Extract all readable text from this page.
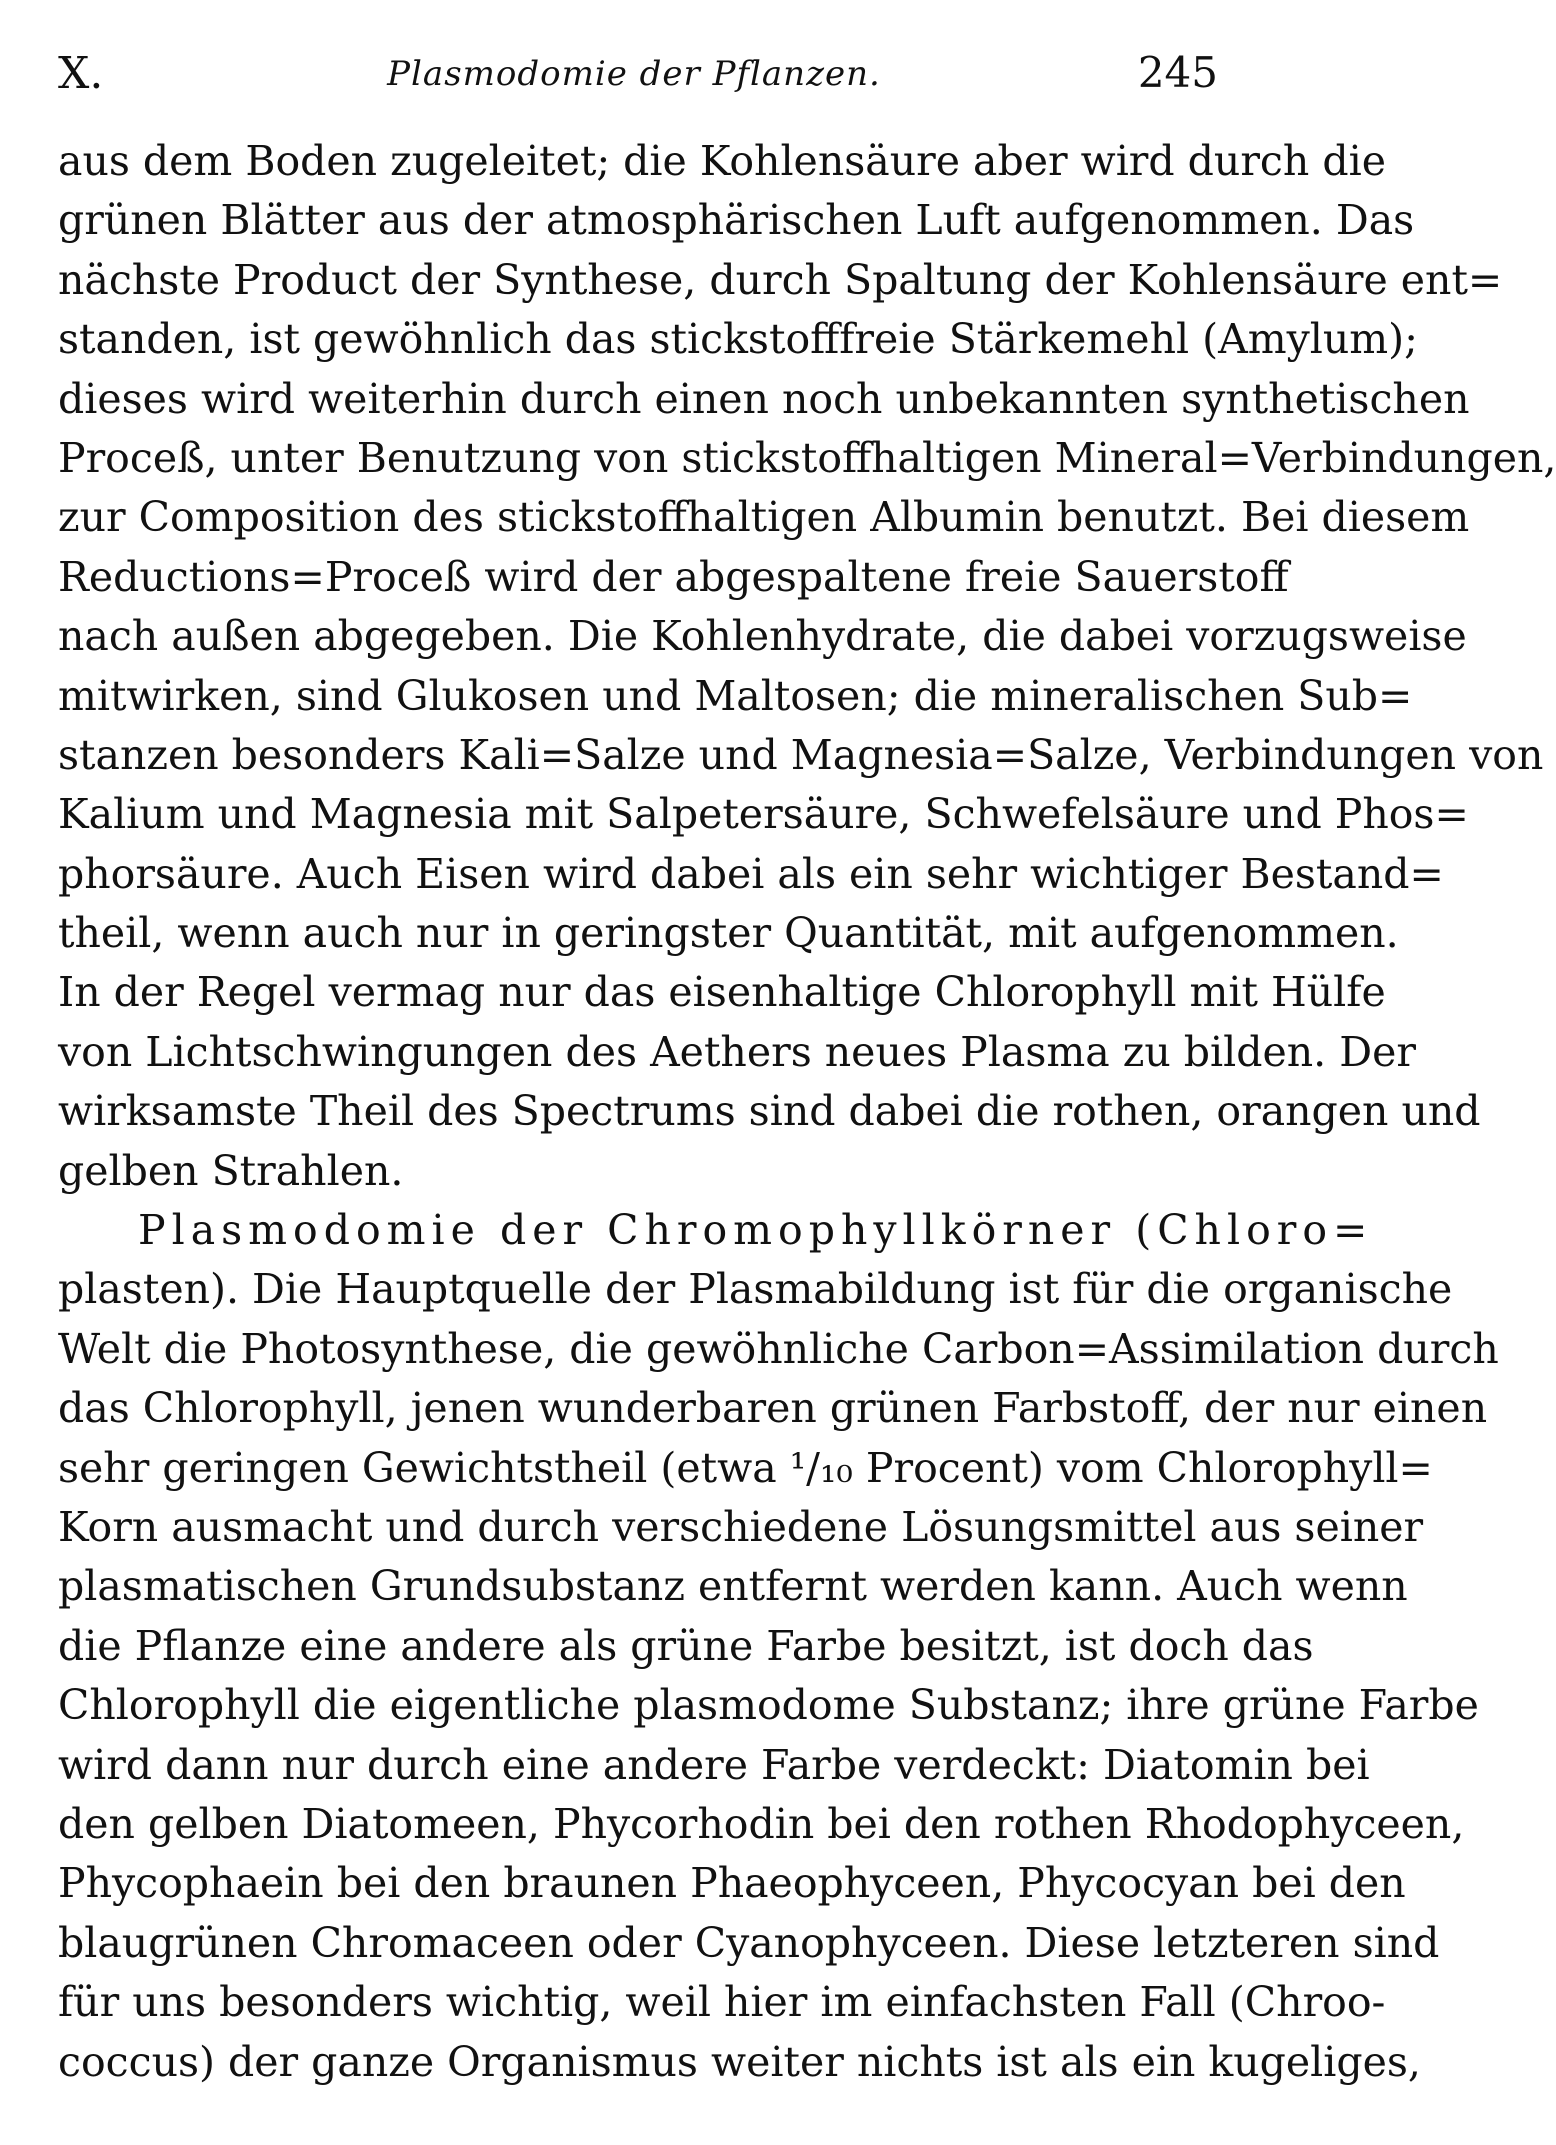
X.	Plasmodomie der Pflanzen.	245
aus dem Boden zugeleitet; die Kohlensäure aber wird durch die
grünen Blätter aus der atmosphärischen Luft aufgenommen. Das
nächste Product der Synthese, durch Spaltung der Kohlensäure ent=
standen, ist gewöhnlich das stickstofffreie Stärkemehl (Amylum);
dieses wird weiterhin durch einen noch unbekannten synthetischen
Proceß, unter Benutzung von stickstoffhaltigen Mineral=Verbindungen,
zur Composition des stickstoffhaltigen Albumin benutzt. Bei diesem
Reductions=Proceß wird der abgespaltene freie Sauerstoff
nach außen abgegeben. Die Kohlenhydrate, die dabei vorzugsweise
mitwirken, sind Glukosen und Maltosen; die mineralischen Sub=
stanzen besonders Kali=Salze und Magnesia=Salze, Verbindungen von
Kalium und Magnesia mit Salpetersäure, Schwefelsäure und Phos=
phorsäure. Auch Eisen wird dabei als ein sehr wichtiger Bestand=
theil, wenn auch nur in geringster Quantität, mit aufgenommen.
In der Regel vermag nur das eisenhaltige Chlorophyll mit Hülfe
von Lichtschwingungen des Aethers neues Plasma zu bilden. Der
wirksamste Theil des Spectrums sind dabei die rothen, orangen und
gelben Strahlen.
Plasmodomie der Chromophyllkörner (Chloro=
plasten). Die Hauptquelle der Plasmabildung ist für die organische
Welt die Photosynthese, die gewöhnliche Carbon=Assimilation durch
das Chlorophyll, jenen wunderbaren grünen Farbstoff, der nur einen
sehr geringen Gewichtstheil (etwa ¹/₁₀ Procent) vom Chlorophyll=
Korn ausmacht und durch verschiedene Lösungsmittel aus seiner
plasmatischen Grundsubstanz entfernt werden kann. Auch wenn
die Pflanze eine andere als grüne Farbe besitzt, ist doch das
Chlorophyll die eigentliche plasmodome Substanz; ihre grüne Farbe
wird dann nur durch eine andere Farbe verdeckt: Diatomin bei
den gelben Diatomeen, Phycorhodin bei den rothen Rhodophyceen,
Phycophaein bei den braunen Phaeophyceen, Phycocyan bei den
blaugrünen Chromaceen oder Cyanophyceen. Diese letzteren sind
für uns besonders wichtig, weil hier im einfachsten Fall (Chroo-
coccus) der ganze Organismus weiter nichts ist als ein kugeliges,
